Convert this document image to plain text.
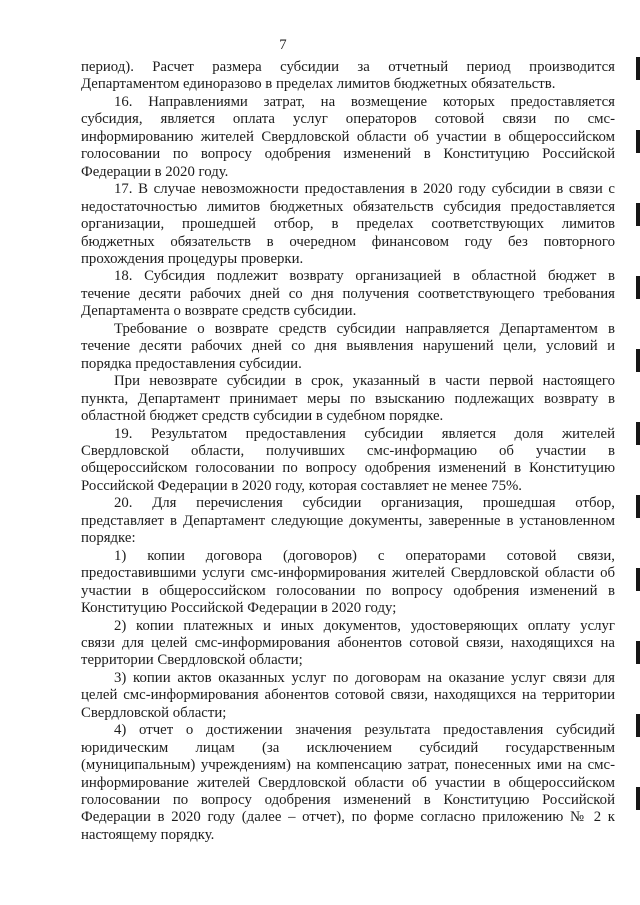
7
период). Расчет размера субсидии за отчетный период производится
Департаментом единоразово в пределах лимитов бюджетных обязательств.
16. Направлениями затрат, на возмещение которых предоставляется
субсидия, является оплата услуг операторов сотовой связи по смс-
информированию жителей Свердловской области об участии в общероссийском
голосовании по вопросу одобрения изменений в Конституцию Российской
Федерации в 2020 году.
17. В случае невозможности предоставления в 2020 году субсидии в связи с
недостаточностью лимитов бюджетных обязательств субсидия предоставляется
организации, прошедшей отбор, в пределах соответствующих лимитов
бюджетных обязательств в очередном финансовом году без повторного
прохождения процедуры проверки.
18. Субсидия подлежит возврату организацией в областной бюджет в
течение десяти рабочих дней со дня получения соответствующего требования
Департамента о возврате средств субсидии.
Требование о возврате средств субсидии направляется Департаментом в
течение десяти рабочих дней со дня выявления нарушений цели, условий и
порядка предоставления субсидии.
При невозврате субсидии в срок, указанный в части первой настоящего
пункта, Департамент принимает меры по взысканию подлежащих возврату в
областной бюджет средств субсидии в судебном порядке.
19. Результатом предоставления субсидии является доля жителей
Свердловской области, получивших смс-информацию об участии в
общероссийском голосовании по вопросу одобрения изменений в Конституцию
Российской Федерации в 2020 году, которая составляет не менее 75%.
20. Для перечисления субсидии организация, прошедшая отбор,
представляет в Департамент следующие документы, заверенные в установленном
порядке:
1) копии договора (договоров) с операторами сотовой связи,
предоставившими услуги смс-информирования жителей Свердловской области об
участии в общероссийском голосовании по вопросу одобрения изменений в
Конституцию Российской Федерации в 2020 году;
2) копии платежных и иных документов, удостоверяющих оплату услуг
связи для целей смс-информирования абонентов сотовой связи, находящихся на
территории Свердловской области;
3) копии актов оказанных услуг по договорам на оказание услуг связи для
целей смс-информирования абонентов сотовой связи, находящихся на территории
Свердловской области;
4) отчет о достижении значения результата предоставления субсидий
юридическим лицам (за исключением субсидий государственным
(муниципальным) учреждениям) на компенсацию затрат, понесенных ими на смс-
информирование жителей Свердловской области об участии в общероссийском
голосовании по вопросу одобрения изменений в Конституцию Российской
Федерации в 2020 году (далее – отчет), по форме согласно приложению № 2 к
настоящему порядку.
